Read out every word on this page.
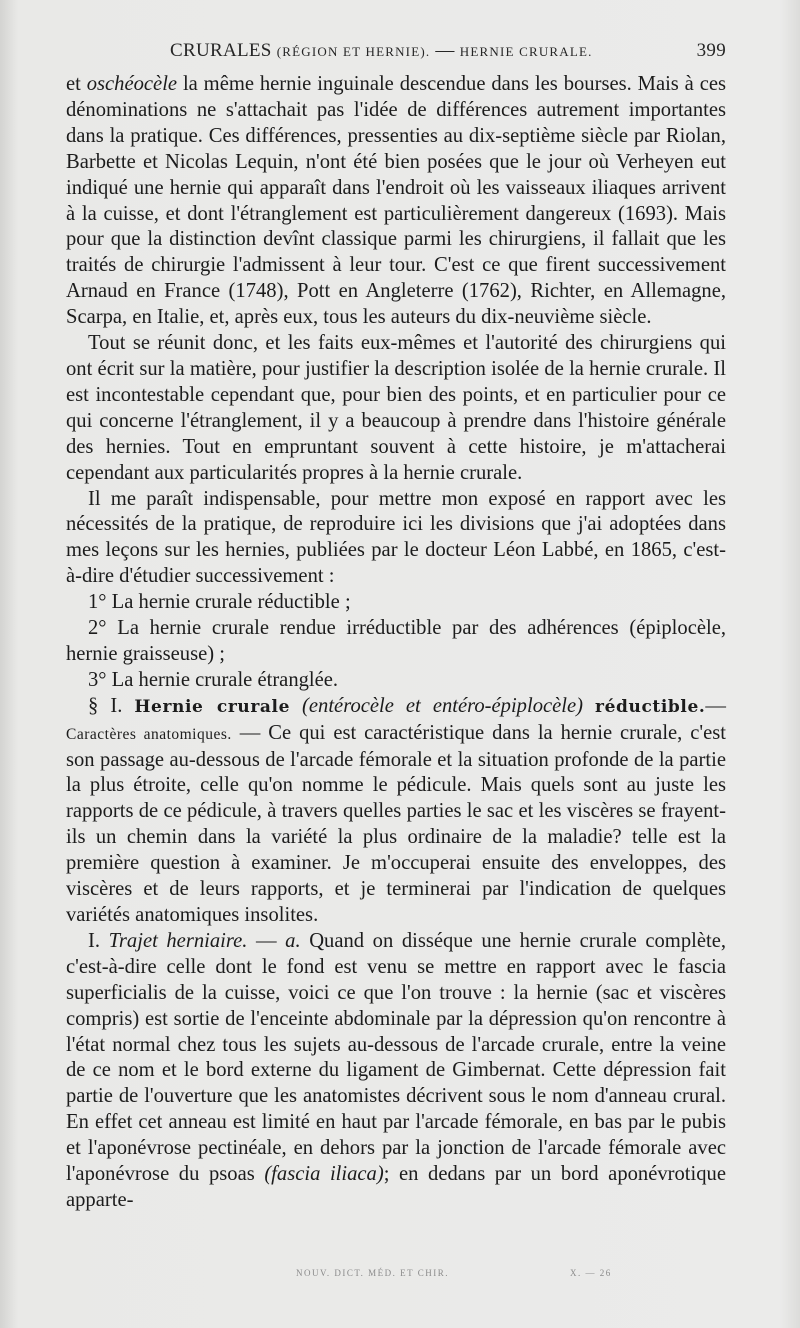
CRURALES (RÉGION ET HERNIE). — HERNIE CRURALE.	399

et oschéocèle la même hernie inguinale descendue dans les bourses. Mais à ces dénominations ne s'attachait pas l'idée de différences autrement importantes dans la pratique. Ces différences, pressenties au dix-septième siècle par Riolan, Barbette et Nicolas Lequin, n'ont été bien posées que le jour où Verheyen eut indiqué une hernie qui apparaît dans l'endroit où les vaisseaux iliaques arrivent à la cuisse, et dont l'étranglement est particulièrement dangereux (1693). Mais pour que la distinction devînt classique parmi les chirurgiens, il fallait que les traités de chirurgie l'admissent à leur tour. C'est ce que firent successivement Arnaud en France (1748), Pott en Angleterre (1762), Richter, en Allemagne, Scarpa, en Italie, et, après eux, tous les auteurs du dix-neuvième siècle.

Tout se réunit donc, et les faits eux-mêmes et l'autorité des chirurgiens qui ont écrit sur la matière, pour justifier la description isolée de la hernie crurale. Il est incontestable cependant que, pour bien des points, et en particulier pour ce qui concerne l'étranglement, il y a beaucoup à prendre dans l'histoire générale des hernies. Tout en empruntant souvent à cette histoire, je m'attacherai cependant aux particularités propres à la hernie crurale.

Il me paraît indispensable, pour mettre mon exposé en rapport avec les nécessités de la pratique, de reproduire ici les divisions que j'ai adoptées dans mes leçons sur les hernies, publiées par le docteur Léon Labbé, en 1865, c'est-à-dire d'étudier successivement :

1° La hernie crurale réductible ;

2° La hernie crurale rendue irréductible par des adhérences (épiplocèle, hernie graisseuse) ;

3° La hernie crurale étranglée.

§ I. Hernie crurale (entérocèle et entéro-épiplocèle) réductible.— Caractères anatomiques. — Ce qui est caractéristique dans la hernie crurale, c'est son passage au-dessous de l'arcade fémorale et la situation profonde de la partie la plus étroite, celle qu'on nomme le pédicule. Mais quels sont au juste les rapports de ce pédicule, à travers quelles parties le sac et les viscères se frayent-ils un chemin dans la variété la plus ordinaire de la maladie? telle est la première question à examiner. Je m'occuperai ensuite des enveloppes, des viscères et de leurs rapports, et je terminerai par l'indication de quelques variétés anatomiques insolites.

I. Trajet herniaire. — a. Quand on disséque une hernie crurale complète, c'est-à-dire celle dont le fond est venu se mettre en rapport avec le fascia superficialis de la cuisse, voici ce que l'on trouve : la hernie (sac et viscères compris) est sortie de l'enceinte abdominale par la dépression qu'on rencontre à l'état normal chez tous les sujets au-dessous de l'arcade crurale, entre la veine de ce nom et le bord externe du ligament de Gimbernat. Cette dépression fait partie de l'ouverture que les anatomistes décrivent sous le nom d'anneau crural. En effet cet anneau est limité en haut par l'arcade fémorale, en bas par le pubis et l'aponévrose pectinéale, en dehors par la jonction de l'arcade fémorale avec l'aponévrose du psoas (fascia iliaca); en dedans par un bord aponévrotique apparte-

NOUV. DICT. MÉD. ET CHIR.	X. — 26
